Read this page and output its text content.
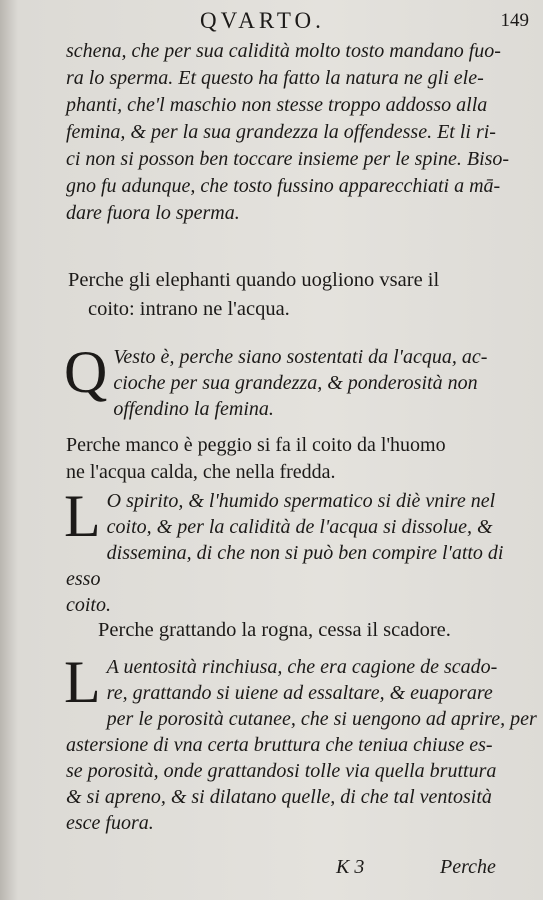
QVARTO.	149

schena, che per sua calidità molto tosto mandano fuo-

ra lo sperma. Et questo ha fatto la natura ne gli ele-

phanti, che'l maschio non stesse troppo addosso alla

femina, & per la sua grandezza la offendesse. Et li ri-

ci non si posson ben toccare insieme per le spine. Biso-

gno fu adunque, che tosto fussino apparecchiati a mā-

dare fuora lo sperma.

Perche gli elephanti quando uogliono vsare il
coito: intrano ne l'acqua.
Q Vesto è, perche siano sostentati da l'acqua, ac-
cioche per sua grandezza, & ponderosità non
offendino la femina.
Perche manco è peggio si fa il coito da l'huomo
ne l'acqua calda, che nella fredda.
L O spirito, & l'humido spermatico si diè vnire nel
coito, & per la calidità de l'acqua si dissolue, &
dissemina, di che non si può ben compire l'atto di esso
coito.
Perche grattando la rogna, cessa il scadore.
L A uentosità rinchiusa, che era cagione de scado-
re, grattando si uiene ad essaltare, & euaporare
per le porosità cutanee, che si uengono ad aprire, per
astersione di vna certa bruttura che teniua chiuse es-
se porosità, onde grattandosi tolle via quella bruttura
& si apreno, & si dilatano quelle, di che tal ventosità
esce fuora.
K 3	Perche
